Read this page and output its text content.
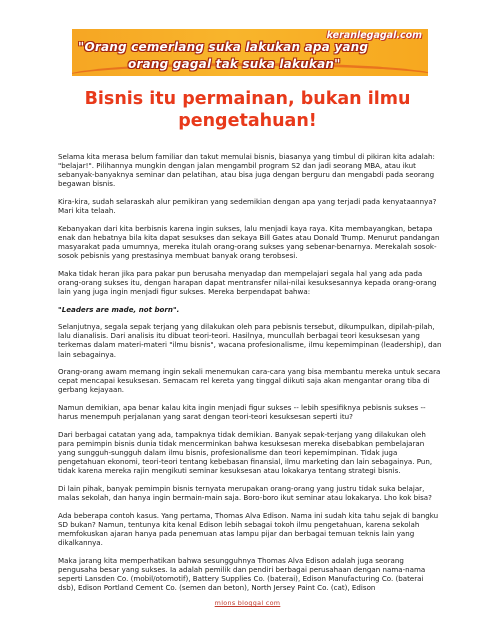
keranlegagal.com
"Orang cemerlang suka lakukan apa yang
orang gagal tak suka lakukan"
Bisnis itu permainan, bukan ilmu pengetahuan!

Selama kita merasa belum familiar dan takut memulai bisnis, biasanya yang timbul di pikiran kita adalah: "belajar!". Pilihannya mungkin dengan jalan mengambil program S2 dan jadi seorang MBA, atau ikut sebanyak-banyaknya seminar dan pelatihan, atau bisa juga dengan berguru dan mengabdi pada seorang begawan bisnis.

Kira-kira, sudah selaraskah alur pemikiran yang sedemikian dengan apa yang terjadi pada kenyataannya? Mari kita telaah.

Kebanyakan dari kita berbisnis karena ingin sukses, lalu menjadi kaya raya. Kita membayangkan, betapa enak dan hebatnya bila kita dapat sesukses dan sekaya Bill Gates atau Donald Trump. Menurut pandangan masyarakat pada umumnya, mereka itulah orang-orang sukses yang sebenar-benarnya. Merekalah sosok-sosok pebisnis yang prestasinya membuat banyak orang terobsesi.

Maka tidak heran jika para pakar pun berusaha menyadap dan mempelajari segala hal yang ada pada orang-orang sukses itu, dengan harapan dapat mentransfer nilai-nilai kesuksesannya kepada orang-orang lain yang juga ingin menjadi figur sukses. Mereka berpendapat bahwa:

"Leaders are made, not born".

Selanjutnya, segala sepak terjang yang dilakukan oleh para pebisnis tersebut, dikumpulkan, dipilah-pilah, lalu dianalisis. Dari analisis itu dibuat teori-teori. Hasilnya, muncullah berbagai teori kesuksesan yang terkemas dalam materi-materi "ilmu bisnis", wacana profesionalisme, ilmu kepemimpinan (leadership), dan lain sebagainya.

Orang-orang awam memang ingin sekali menemukan cara-cara yang bisa membantu mereka untuk secara cepat mencapai kesuksesan. Semacam rel kereta yang tinggal diikuti saja akan mengantar orang tiba di gerbang kejayaan.

Namun demikian, apa benar kalau kita ingin menjadi figur sukses -- lebih spesifiknya pebisnis sukses -- harus menempuh perjalanan yang sarat dengan teori-teori kesuksesan seperti itu?

Dari berbagai catatan yang ada, tampaknya tidak demikian. Banyak sepak-terjang yang dilakukan oleh para pemimpin bisnis dunia tidak mencerminkan bahwa kesuksesan mereka disebabkan pembelajaran yang sungguh-sungguh dalam ilmu bisnis, profesionalisme dan teori kepemimpinan. Tidak juga pengetahuan ekonomi, teori-teori tentang kebebasan finansial, ilmu marketing dan lain sebagainya. Pun, tidak karena mereka rajin mengikuti seminar kesuksesan atau lokakarya tentang strategi bisnis.

Di lain pihak, banyak pemimpin bisnis ternyata merupakan orang-orang yang justru tidak suka belajar, malas sekolah, dan hanya ingin bermain-main saja. Boro-boro ikut seminar atau lokakarya. Lho kok bisa?

Ada beberapa contoh kasus. Yang pertama, Thomas Alva Edison. Nama ini sudah kita tahu sejak di bangku SD bukan? Namun, tentunya kita kenal Edison lebih sebagai tokoh ilmu pengetahuan, karena sekolah memfokuskan ajaran hanya pada penemuan atas lampu pijar dan berbagai temuan teknis lain yang dikalkannya.

Maka jarang kita memperhatikan bahwa sesungguhnya Thomas Alva Edison adalah juga seorang pengusaha besar yang sukses. Ia adalah pemilik dan pendiri berbagai perusahaan dengan nama-nama seperti Lansden Co. (mobil/otomotif), Battery Supplies Co. (baterai), Edison Manufacturing Co. (baterai dsb), Edison Portland Cement Co. (semen dan beton), North Jersey Paint Co. (cat), Edison

mlons bloggal com
